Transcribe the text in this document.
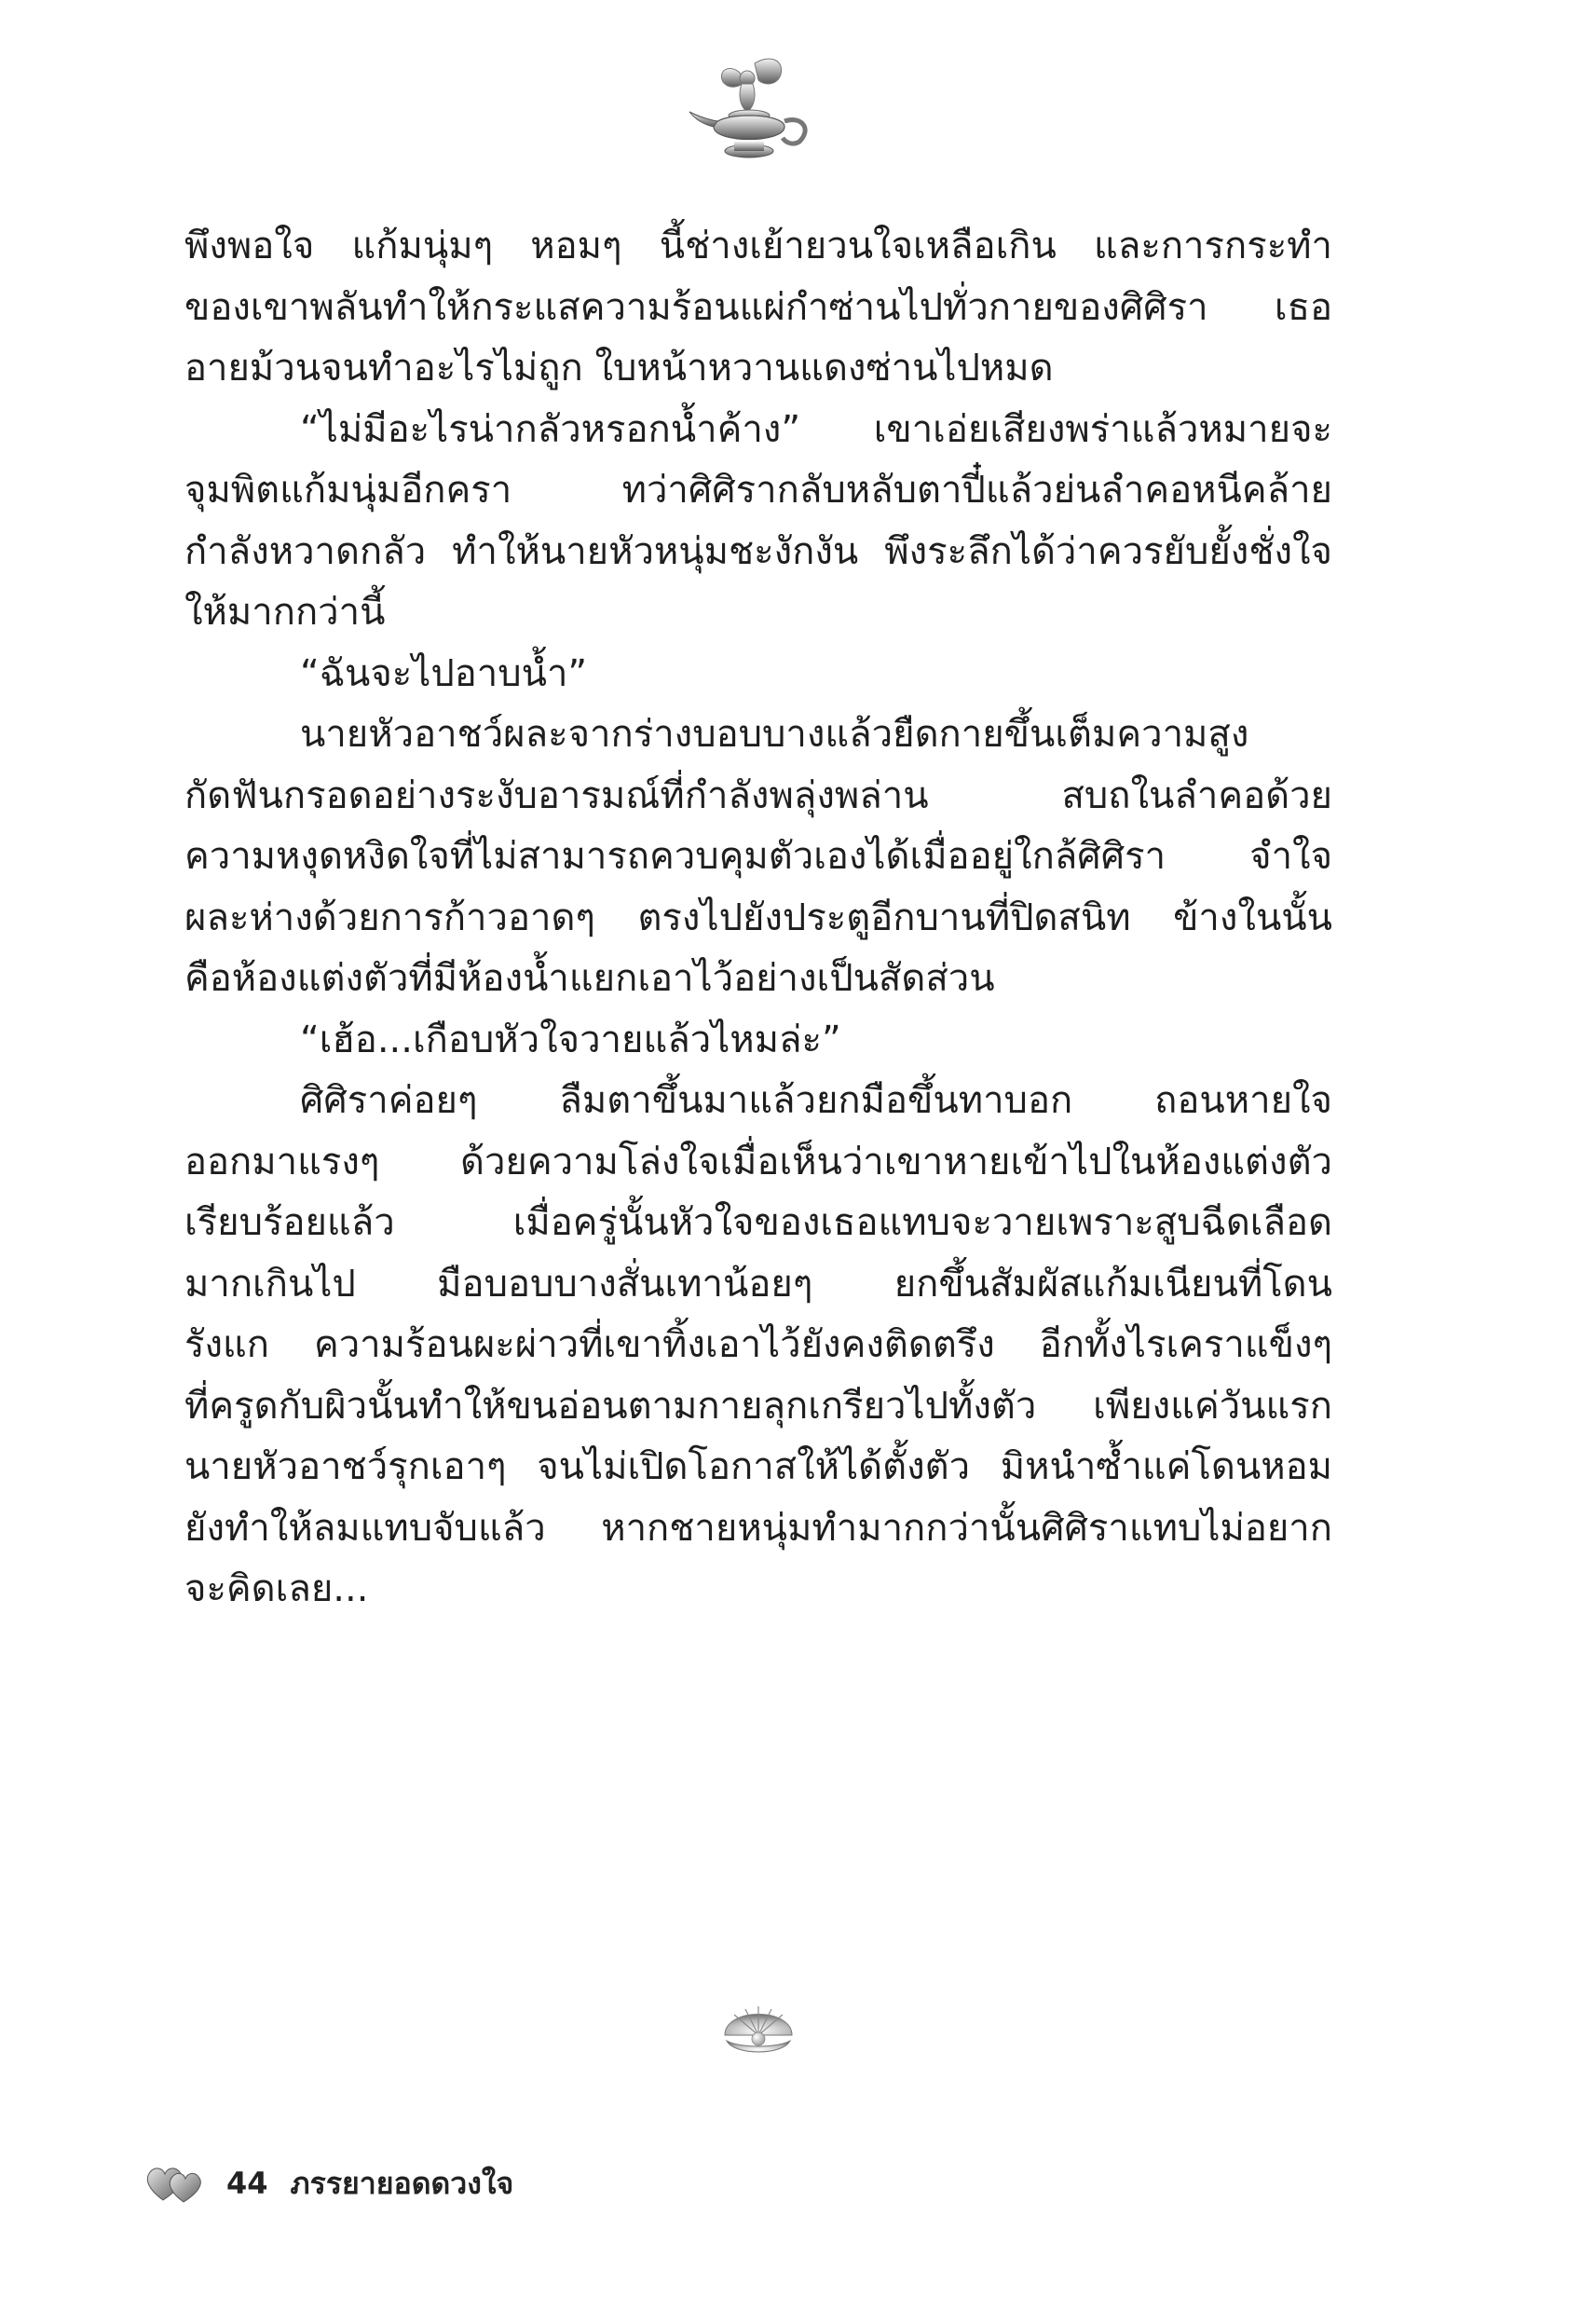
พึงพอใจ แก้มนุ่มๆ หอมๆ นี้ช่างเย้ายวนใจเหลือเกิน และการกระทำ
ของเขาพลันทำให้กระแสความร้อนแผ่กำซ่านไปทั่วกายของศิศิรา เธอ
อายม้วนจนทำอะไรไม่ถูก ใบหน้าหวานแดงซ่านไปหมด
“ไม่มีอะไรน่ากลัวหรอกน้ำค้าง” เขาเอ่ยเสียงพร่าแล้วหมายจะ
จุมพิตแก้มนุ่มอีกครา ทว่าศิศิรากลับหลับตาปี๋แล้วย่นลำคอหนีคล้าย
กำลังหวาดกลัว ทำให้นายหัวหนุ่มชะงักงัน พึงระลึกได้ว่าควรยับยั้งชั่งใจ
ให้มากกว่านี้
“ฉันจะไปอาบน้ำ”
นายหัวอาชว์ผละจากร่างบอบบางแล้วยืดกายขึ้นเต็มความสูง
กัดฟันกรอดอย่างระงับอารมณ์ที่กำลังพลุ่งพล่าน สบถในลำคอด้วย
ความหงุดหงิดใจที่ไม่สามารถควบคุมตัวเองได้เมื่ออยู่ใกล้ศิศิรา จำใจ
ผละห่างด้วยการก้าวอาดๆ ตรงไปยังประตูอีกบานที่ปิดสนิท ข้างในนั้น
คือห้องแต่งตัวที่มีห้องน้ำแยกเอาไว้อย่างเป็นสัดส่วน
“เฮ้อ...เกือบหัวใจวายแล้วไหมล่ะ”
ศิศิราค่อยๆ ลืมตาขึ้นมาแล้วยกมือขึ้นทาบอก ถอนหายใจ
ออกมาแรงๆ ด้วยความโล่งใจเมื่อเห็นว่าเขาหายเข้าไปในห้องแต่งตัว
เรียบร้อยแล้ว เมื่อครู่นั้นหัวใจของเธอแทบจะวายเพราะสูบฉีดเลือด
มากเกินไป มือบอบบางสั่นเทาน้อยๆ ยกขึ้นสัมผัสแก้มเนียนที่โดน
รังแก ความร้อนผะผ่าวที่เขาทิ้งเอาไว้ยังคงติดตรึง อีกทั้งไรเคราแข็งๆ
ที่ครูดกับผิวนั้นทำให้ขนอ่อนตามกายลุกเกรียวไปทั้งตัว เพียงแค่วันแรก
นายหัวอาชว์รุกเอาๆ จนไม่เปิดโอกาสให้ได้ตั้งตัว มิหนำซ้ำแค่โดนหอม
ยังทำให้ลมแทบจับแล้ว หากชายหนุ่มทำมากกว่านั้นศิศิราแทบไม่อยาก
จะคิดเลย...
44 ภรรยายอดดวงใจ
